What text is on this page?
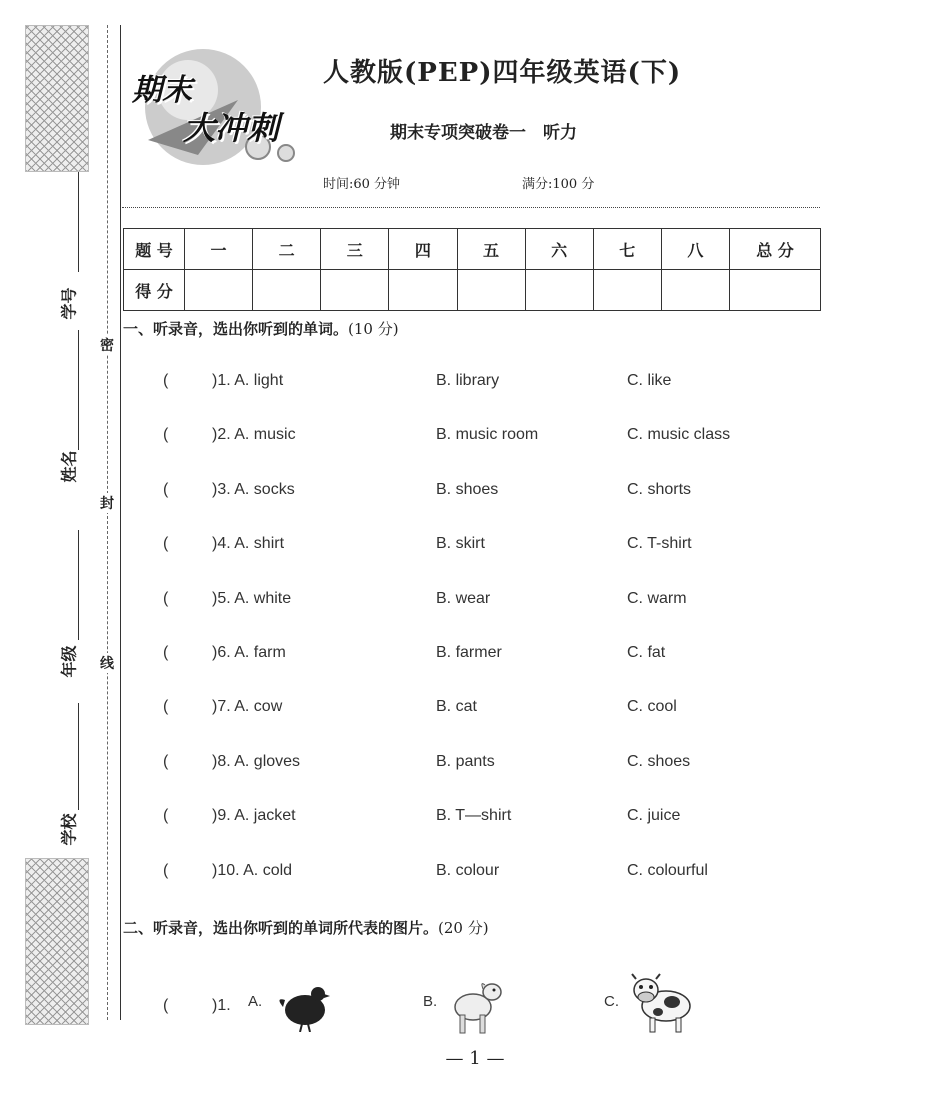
学号
姓名
年级
学校
密
封
线
期末
大冲刺
人教版(PEP)四年级英语(下)
期末专项突破卷一　听力
时间:60 分钟	满分:100 分
题 号	一	二	三	四	五	六	七	八	总 分
得 分									
一、听录音，选出你听到的单词。(10 分)
(	)1. A. light	B. library	C. like
(	)2. A. music	B. music room	C. music class
(	)3. A. socks	B. shoes	C. shorts
(	)4. A. shirt	B. skirt	C. T-shirt
(	)5. A. white	B. wear	C. warm
(	)6. A. farm	B. farmer	C. fat
(	)7. A. cow	B. cat	C. cool
(	)8. A. gloves	B. pants	C. shoes
(	)9. A. jacket	B. T—shirt	C. juice
(	)10. A. cold	B. colour	C. colourful
二、听录音，选出你听到的单词所代表的图片。(20 分)
(	)1. A.	B.	C.
— 1 —
